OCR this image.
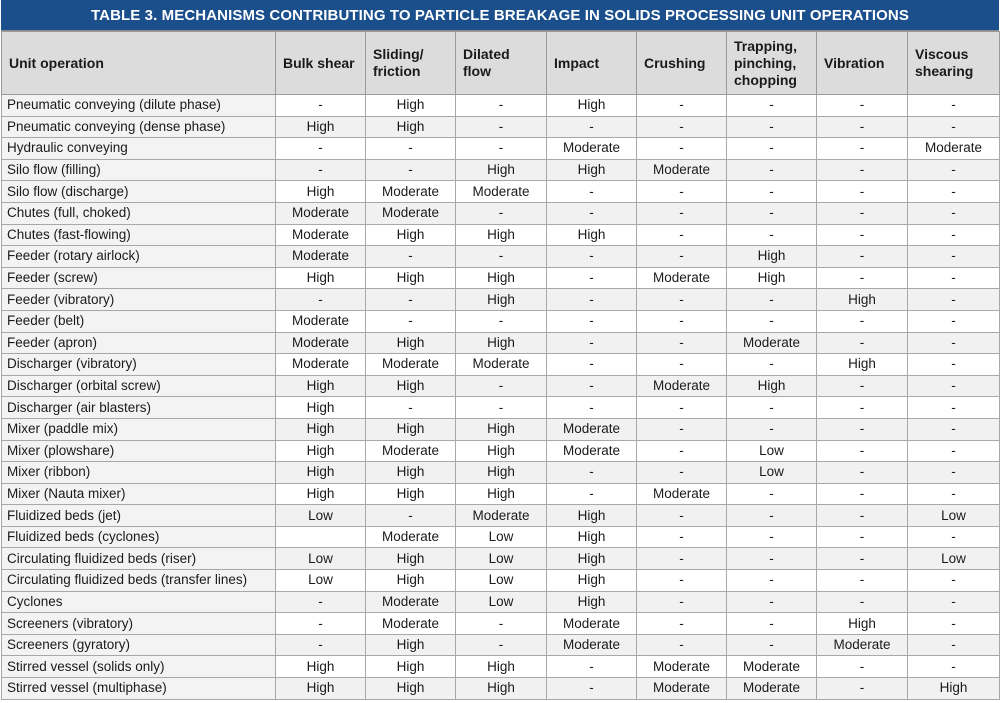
TABLE 3. MECHANISMS CONTRIBUTING TO PARTICLE BREAKAGE IN SOLIDS PROCESSING UNIT OPERATIONS
Unit operation	Bulk shear	Sliding/
friction	Dilated
flow	Impact	Crushing	Trapping,
pinching,
chopping	Vibration	Viscous
shearing
Pneumatic conveying (dilute phase)	-	High	-	High	-	-	-	-
Pneumatic conveying (dense phase)	High	High	-	-	-	-	-	-
Hydraulic conveying	-	-	-	Moderate	-	-	-	Moderate
Silo flow (filling)	-	-	High	High	Moderate	-	-	-
Silo flow (discharge)	High	Moderate	Moderate	-	-	-	-	-
Chutes (full, choked)	Moderate	Moderate	-	-	-	-	-	-
Chutes (fast-flowing)	Moderate	High	High	High	-	-	-	-
Feeder (rotary airlock)	Moderate	-	-	-	-	High	-	-
Feeder (screw)	High	High	High	-	Moderate	High	-	-
Feeder (vibratory)	-	-	High	-	-	-	High	-
Feeder (belt)	Moderate	-	-	-	-	-	-	-
Feeder (apron)	Moderate	High	High	-	-	Moderate	-	-
Discharger (vibratory)	Moderate	Moderate	Moderate	-	-	-	High	-
Discharger (orbital screw)	High	High	-	-	Moderate	High	-	-
Discharger (air blasters)	High	-	-	-	-	-	-	-
Mixer (paddle mix)	High	High	High	Moderate	-	-	-	-
Mixer (plowshare)	High	Moderate	High	Moderate	-	Low	-	-
Mixer (ribbon)	High	High	High	-	-	Low	-	-
Mixer (Nauta mixer)	High	High	High	-	Moderate	-	-	-
Fluidized beds (jet)	Low	-	Moderate	High	-	-	-	Low
Fluidized beds (cyclones)		Moderate	Low	High	-	-	-	-
Circulating fluidized beds (riser)	Low	High	Low	High	-	-	-	Low
Circulating fluidized beds (transfer lines)	Low	High	Low	High	-	-	-	-
Cyclones	-	Moderate	Low	High	-	-	-	-
Screeners (vibratory)	-	Moderate	-	Moderate	-	-	High	-
Screeners (gyratory)	-	High	-	Moderate	-	-	Moderate	-
Stirred vessel (solids only)	High	High	High	-	Moderate	Moderate	-	-
Stirred vessel (multiphase)	High	High	High	-	Moderate	Moderate	-	High
